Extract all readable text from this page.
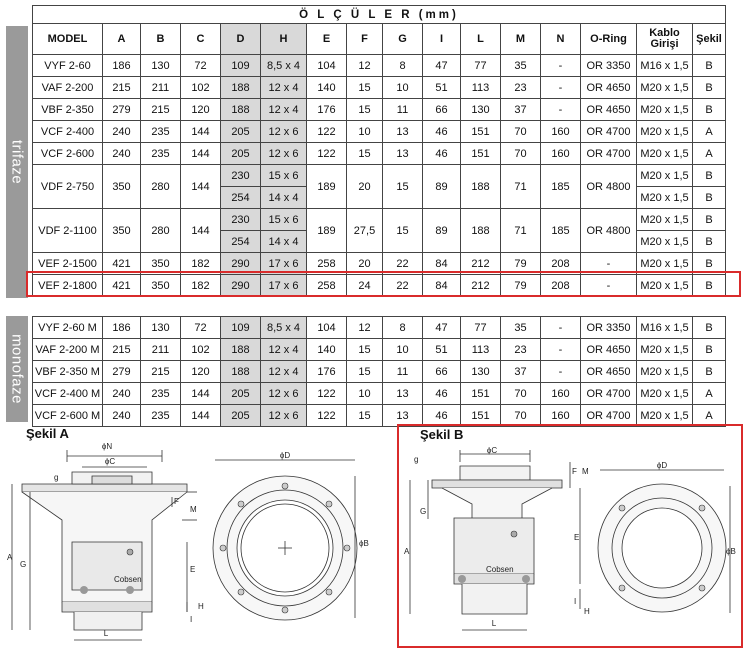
trifaze
monofaze
Ö L Ç Ü L E R (mm)															
MODEL	A	B	C	D	H	E	F	G	I	L	M	N	O-Ring	Kablo Girişi	Şekil
VYF 2-60	186	130	72	109	8,5 x 4	104	12	8	47	77	35	-	OR 3350	M16 x 1,5	B
VAF 2-200	215	211	102	188	12 x 4	140	15	10	51	113	23	-	OR 4650	M20 x 1,5	B
VBF 2-350	279	215	120	188	12 x 4	176	15	11	66	130	37	-	OR 4650	M20 x 1,5	B
VCF 2-400	240	235	144	205	12 x 6	122	10	13	46	151	70	160	OR 4700	M20 x 1,5	A
VCF 2-600	240	235	144	205	12 x 6	122	15	13	46	151	70	160	OR 4700	M20 x 1,5	A
VDF 2-750	350	280	144	230	15 x 6	189	20	15	89	188	71	185	OR 4800	M20 x 1,5	B
				254	14 x 4									M20 x 1,5	B
VDF 2-1100	350	280	144	230	15 x 6	189	27,5	15	89	188	71	185	OR 4800	M20 x 1,5	B
				254	14 x 4									M20 x 1,5	B
VEF 2-1500	421	350	182	290	17 x 6	258	20	22	84	212	79	208	-	M20 x 1,5	B
VEF 2-1800	421	350	182	290	17 x 6	258	24	22	84	212	79	208	-	M20 x 1,5	B
VYF 2-60 M	186	130	72	109	8,5 x 4	104	12	8	47	77	35	-	OR 3350	M16 x 1,5	B
VAF 2-200 M	215	211	102	188	12 x 4	140	15	10	51	113	23	-	OR 4650	M20 x 1,5	B
VBF 2-350 M	279	215	120	188	12 x 4	176	15	11	66	130	37	-	OR 4650	M20 x 1,5	B
VCF 2-400 M	240	235	144	205	12 x 6	122	10	13	46	151	70	160	OR 4700	M20 x 1,5	A
VCF 2-600 M	240	235	144	205	12 x 6	122	15	13	46	151	70	160	OR 4700	M20 x 1,5	A
Şekil A	Şekil B
ϕN
ϕC
g
A
G
F
M
E
H
I
L
Cobsen
ϕD
ϕB
ϕC
g
A
G
F M
E
H
I
L
Cobsen
ϕD
ϕB
